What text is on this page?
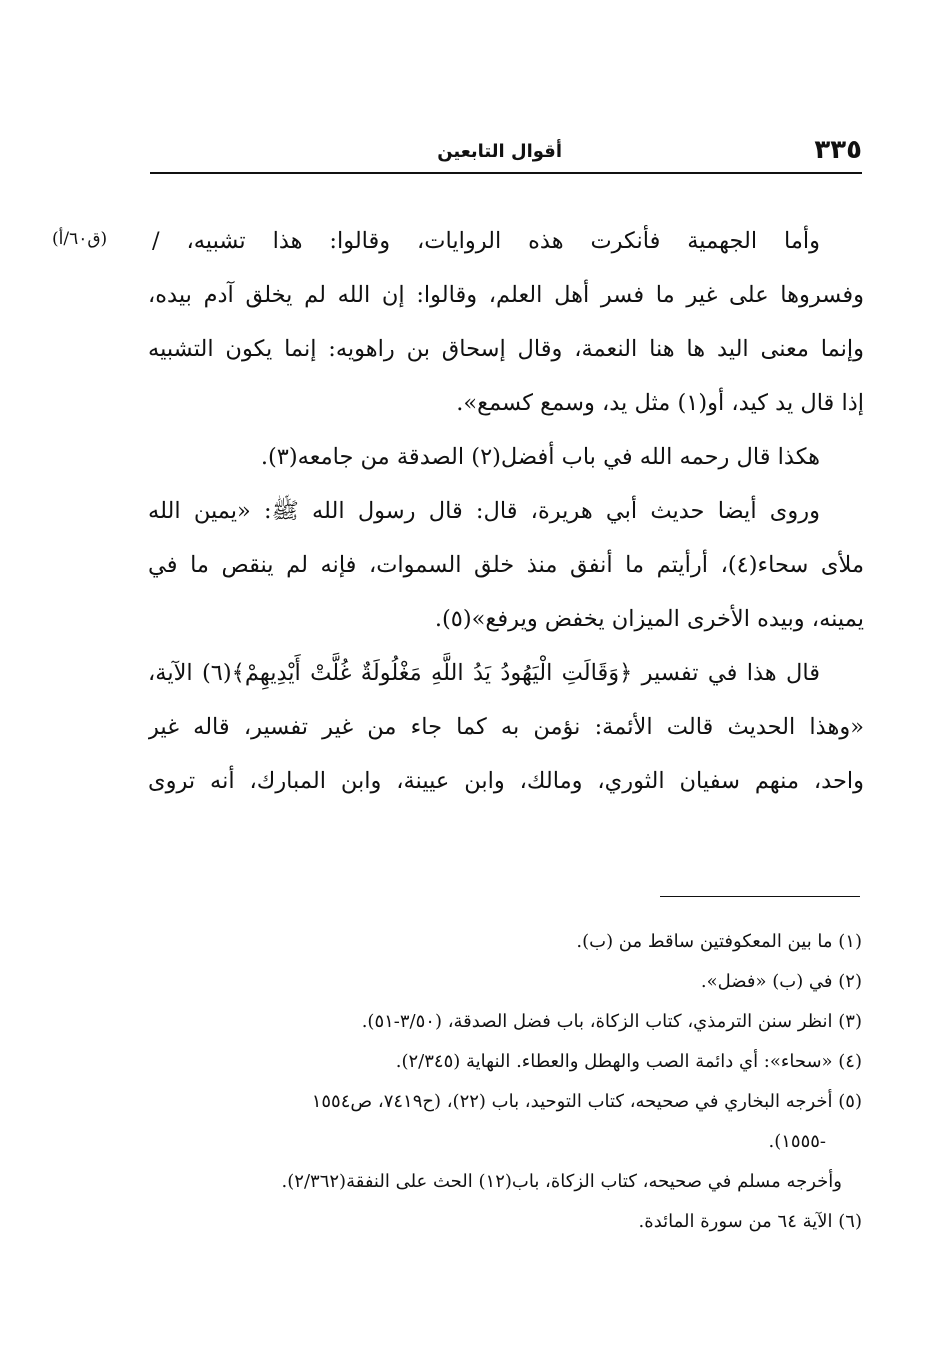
٣٣٥
أقوال التابعين
(ق٦٠/أ) وأما الجهمية فأنكرت هذه الروايات، وقالوا: هذا تشبيه، /
وفسروها على غير ما فسر أهل العلم، وقالوا: إن الله لم يخلق آدم بيده،
وإنما معنى اليد ها هنا النعمة، وقال إسحاق بن راهويه: إنما يكون التشبيه
إذا قال يد كيد، أو(١) مثل يد، وسمع كسمع».
هكذا قال رحمه الله في باب أفضل(٢) الصدقة من جامعه(٣).
وروى أيضا حديث أبي هريرة، قال: قال رسول الله ﷺ: «يمين الله
ملأى سحاء(٤)، أرأيتم ما أنفق منذ خلق السموات، فإنه لم ينقص ما في
يمينه، وبيده الأخرى الميزان يخفض ويرفع»(٥).
قال هذا في تفسير ﴿وَقَالَتِ الْيَهُودُ يَدُ اللَّهِ مَغْلُولَةٌ غُلَّتْ أَيْدِيهِمْ﴾(٦) الآية،
«وهذا الحديث قالت الأئمة: نؤمن به كما جاء من غير تفسير، قاله غير
واحد، منهم سفيان الثوري، ومالك، وابن عيينة، وابن المبارك، أنه تروى
(١) ما بين المعكوفتين ساقط من (ب).
(٢) في (ب) «فضل».
(٣) انظر سنن الترمذي، كتاب الزكاة، باب فضل الصدقة، (٣/٥٠-٥١).
(٤) «سحاء»: أي دائمة الصب والهطل والعطاء. النهاية (٢/٣٤٥).
(٥) أخرجه البخاري في صحيحه، كتاب التوحيد، باب (٢٢)، (ح٧٤١٩، ص١٥٥٤
-١٥٥٥).
وأخرجه مسلم في صحيحه، كتاب الزكاة، باب(١٢) الحث على النفقة(٢/٣٦٢).
(٦) الآية ٦٤ من سورة المائدة.
